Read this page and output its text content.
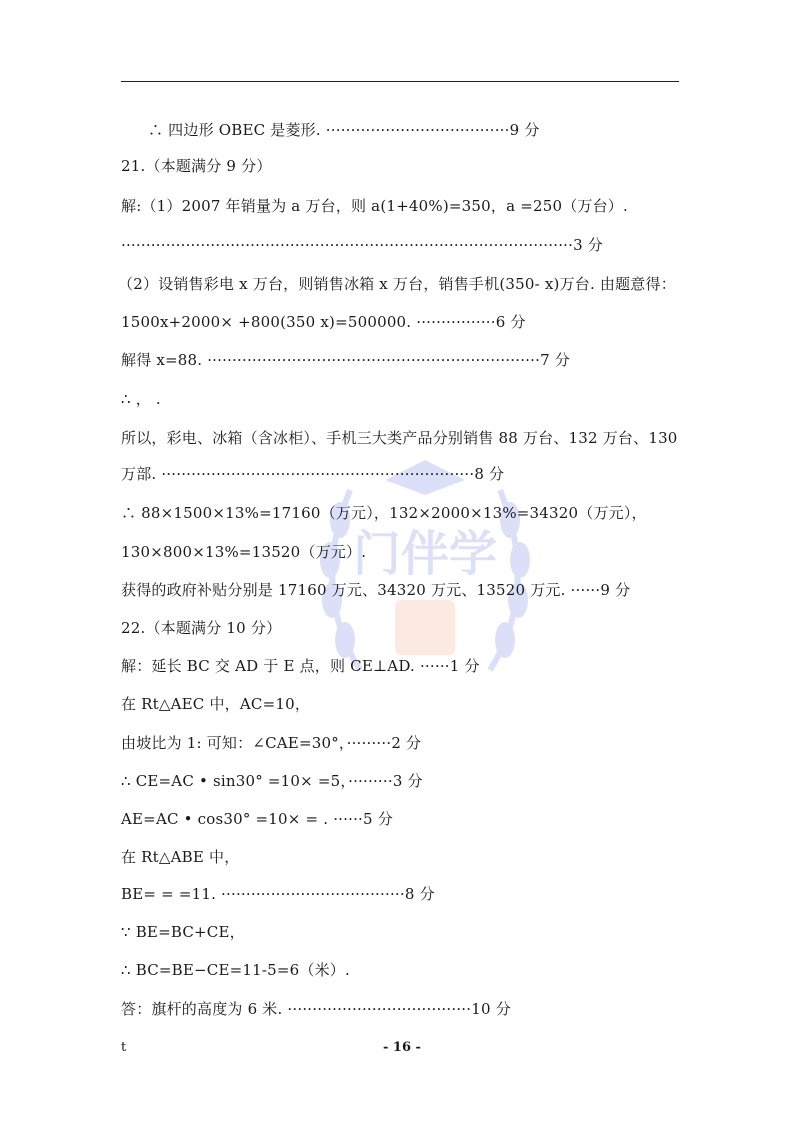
门伴学
∴ 四边形 OBEC 是菱形. ·····································9 分
21.（本题满分 9 分）
解:（1）2007 年销量为 a 万台，则 a(1+40%)=350，a =250（万台）.
···························································································3 分
（2）设销售彩电 x 万台，则销售冰箱 x 万台，销售手机(350- x)万台. 由题意得：
1500x+2000× +800(350 x)=500000. ················6 分
解得 x=88. ···································································7 分
∴ ， .
所以，彩电、冰箱（含冰柜）、手机三大类产品分别销售 88 万台、132 万台、130
万部. ·······························································8 分
∴ 88×1500×13%=17160（万元），132×2000×13%=34320（万元），
130×800×13%=13520（万元）.
获得的政府补贴分别是 17160 万元、34320 万元、13520 万元. ······9 分
22.（本题满分 10 分）
解：延长 BC 交 AD 于 E 点，则 CE⊥AD. ······1 分
在 Rt△AEC 中，AC=10，
由坡比为 1: 可知：∠CAE=30°，·········2 分
∴ CE=AC • sin30° =10× =5，·········3 分
AE=AC • cos30° =10× = . ······5 分
在 Rt△ABE 中，
BE= = =11. ·····································8 分
∵ BE=BC+CE，
∴ BC=BE−CE=11-5=6（米）.
答：旗杆的高度为 6 米. ·····································10 分
t	- 16 -
